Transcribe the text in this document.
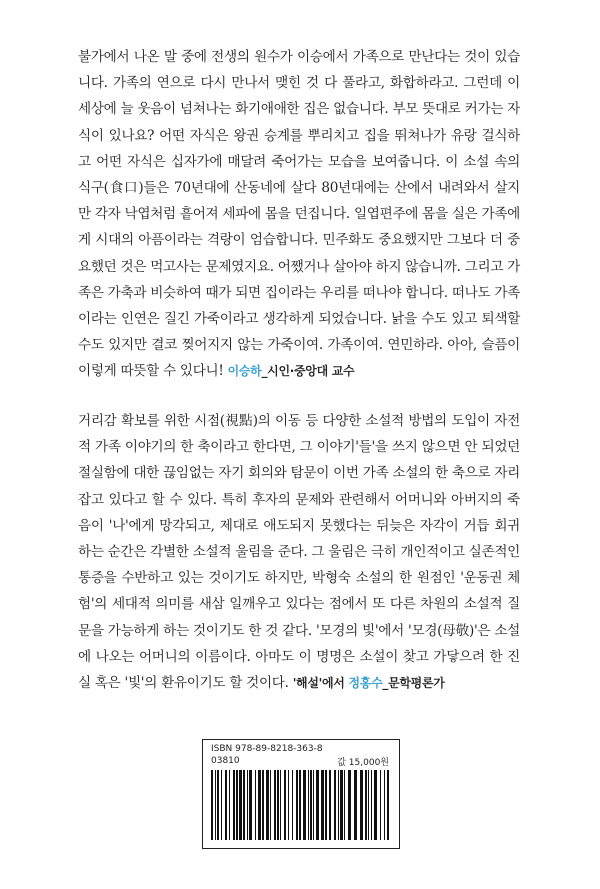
불가에서 나온 말 중에 전생의 원수가 이승에서 가족으로 만난다는 것이 있습니다. 가족의 연으로 다시 만나서 맺힌 것 다 풀라고, 화합하라고. 그런데 이 세상에 늘 웃음이 넘쳐나는 화기애애한 집은 없습니다. 부모 뜻대로 커가는 자식이 있나요? 어떤 자식은 왕권 승계를 뿌리치고 집을 뛰쳐나가 유랑 걸식하고 어떤 자식은 십자가에 매달려 죽어가는 모습을 보여줍니다. 이 소설 속의 식구(食口)들은 70년대에 산동네에 살다 80년대에는 산에서 내려와서 살지만 각자 낙엽처럼 흩어져 세파에 몸을 던집니다. 일엽편주에 몸을 실은 가족에게 시대의 아픔이라는 격랑이 엄습합니다. 민주화도 중요했지만 그보다 더 중요했던 것은 먹고사는 문제였지요. 어쨌거나 살아야 하지 않습니까. 그리고 가족은 가축과 비슷하여 때가 되면 집이라는 우리를 떠나야 합니다. 떠나도 가족이라는 인연은 질긴 가죽이라고 생각하게 되었습니다. 낡을 수도 있고 퇴색할 수도 있지만 결코 찢어지지 않는 가죽이여. 가족이여. 연민하라. 아아, 슬픔이 이렇게 따뜻할 수 있다니! 이승하_시인·중앙대 교수

거리감 확보를 위한 시점(視點)의 이동 등 다양한 소설적 방법의 도입이 자전적 가족 이야기의 한 축이라고 한다면, 그 이야기'들'을 쓰지 않으면 안 되었던 절실함에 대한 끊임없는 자기 회의와 탐문이 이번 가족 소설의 한 축으로 자리 잡고 있다고 할 수 있다. 특히 후자의 문제와 관련해서 어머니와 아버지의 죽음이 '나'에게 망각되고, 제대로 애도되지 못했다는 뒤늦은 자각이 거듭 회귀하는 순간은 각별한 소설적 울림을 준다. 그 울림은 극히 개인적이고 실존적인 통증을 수반하고 있는 것이기도 하지만, 박형숙 소설의 한 원점인 '운동권 체험'의 세대적 의미를 새삼 일깨우고 있다는 점에서 또 다른 차원의 소설적 질문을 가능하게 하는 것이기도 한 것 같다. '모경의 빛'에서 '모경(母敬)'은 소설에 나오는 어머니의 이름이다. 아마도 이 명명은 소설이 찾고 가닿으려 한 진실 혹은 '빛'의 환유이기도 할 것이다. '해설'에서 정홍수_문학평론가

ISBN 978-89-8218-363-8
03810	값 15,000원
